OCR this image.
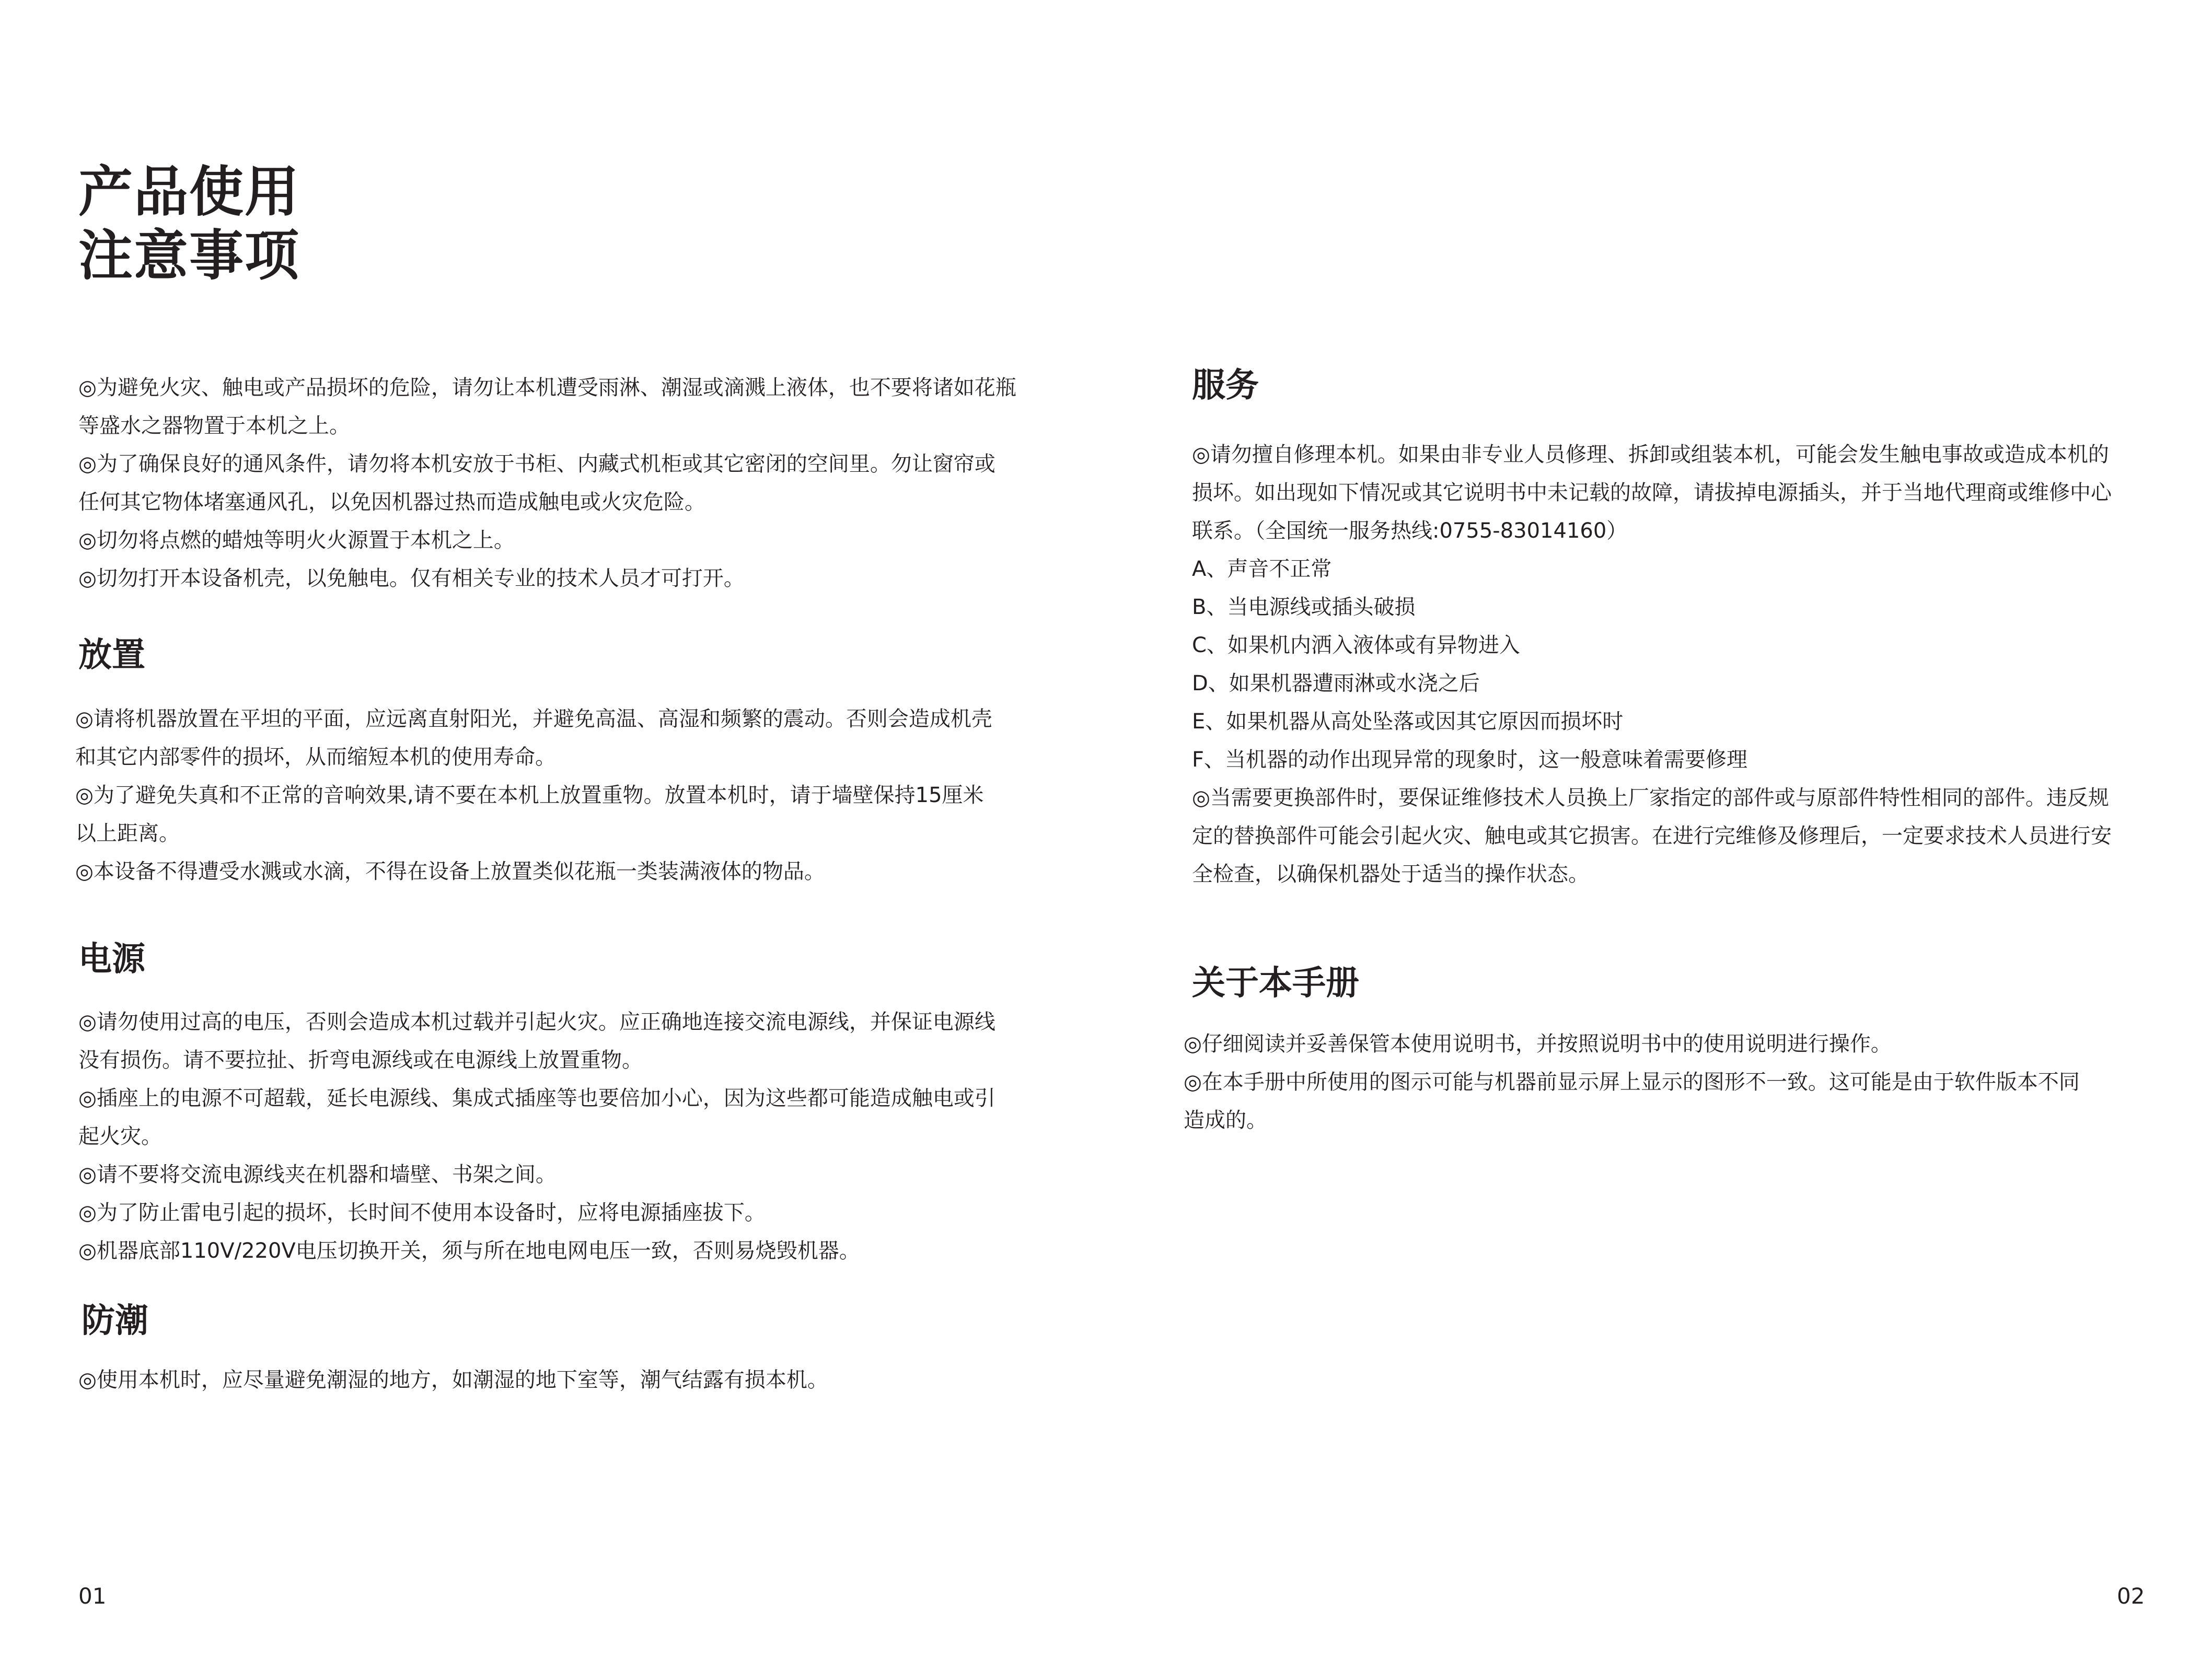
产品使用
注意事项

◎为避免火灾、触电或产品损坏的危险，请勿让本机遭受雨淋、潮湿或滴溅上液体，也不要将诸如花瓶
等盛水之器物置于本机之上。

◎为了确保良好的通风条件，请勿将本机安放于书柜、内藏式机柜或其它密闭的空间里。勿让窗帘或
任何其它物体堵塞通风孔，以免因机器过热而造成触电或火灾危险。

◎切勿将点燃的蜡烛等明火火源置于本机之上。

◎切勿打开本设备机壳，以免触电。仅有相关专业的技术人员才可打开。

放置

◎请将机器放置在平坦的平面，应远离直射阳光，并避免高温、高湿和频繁的震动。否则会造成机壳
和其它内部零件的损坏，从而缩短本机的使用寿命。

◎为了避免失真和不正常的音响效果,请不要在本机上放置重物。放置本机时，请于墙壁保持15厘米
以上距离。

◎本设备不得遭受水溅或水滴，不得在设备上放置类似花瓶一类装满液体的物品。

电源

◎请勿使用过高的电压，否则会造成本机过载并引起火灾。应正确地连接交流电源线，并保证电源线
没有损伤。请不要拉扯、折弯电源线或在电源线上放置重物。

◎插座上的电源不可超载，延长电源线、集成式插座等也要倍加小心，因为这些都可能造成触电或引
起火灾。

◎请不要将交流电源线夹在机器和墙壁、书架之间。

◎为了防止雷电引起的损坏，长时间不使用本设备时，应将电源插座拔下。

◎机器底部110V/220V电压切换开关，须与所在地电网电压一致，否则易烧毁机器。

防潮

◎使用本机时，应尽量避免潮湿的地方，如潮湿的地下室等，潮气结露有损本机。

01
服务

◎请勿擅自修理本机。如果由非专业人员修理、拆卸或组装本机，可能会发生触电事故或造成本机的
损坏。如出现如下情况或其它说明书中未记载的故障，请拔掉电源插头，并于当地代理商或维修中心
联系。（全国统一服务热线:0755-83014160）

A、声音不正常

B、当电源线或插头破损

C、如果机内洒入液体或有异物进入

D、如果机器遭雨淋或水浇之后

E、如果机器从高处坠落或因其它原因而损坏时

F、当机器的动作出现异常的现象时，这一般意味着需要修理

◎当需要更换部件时，要保证维修技术人员换上厂家指定的部件或与原部件特性相同的部件。违反规
定的替换部件可能会引起火灾、触电或其它损害。在进行完维修及修理后，一定要求技术人员进行安
全检查，以确保机器处于适当的操作状态。

关于本手册

◎仔细阅读并妥善保管本使用说明书，并按照说明书中的使用说明进行操作。

◎在本手册中所使用的图示可能与机器前显示屏上显示的图形不一致。这可能是由于软件版本不同
造成的。

02
